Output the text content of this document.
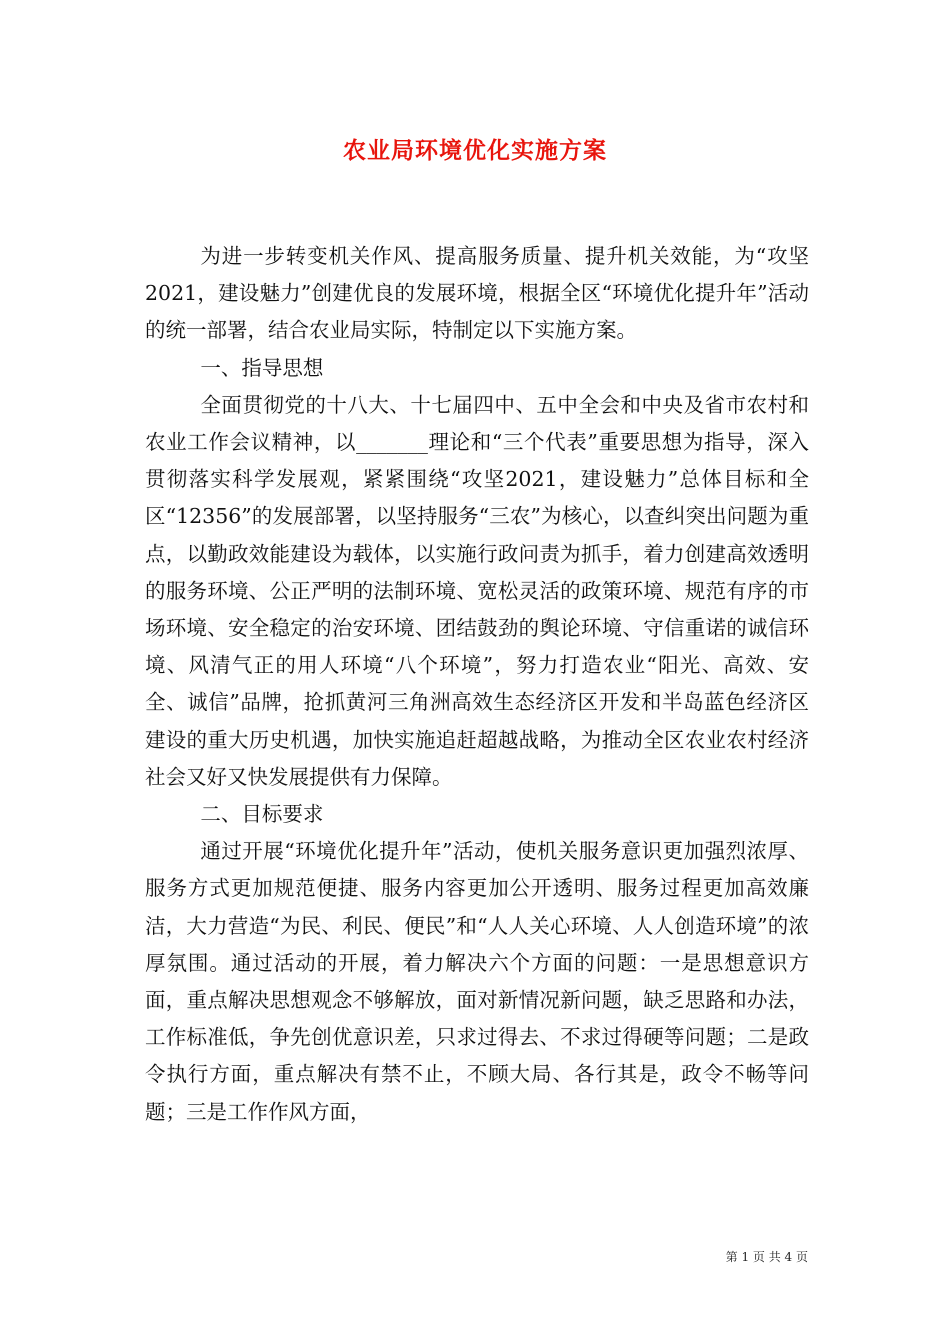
农业局环境优化实施方案

为进一步转变机关作风、提高服务质量、提升机关效能，为“攻坚2021，建设魅力”创建优良的发展环境，根据全区“环境优化提升年”活动的统一部署，结合农业局实际，特制定以下实施方案。

一、指导思想

全面贯彻党的十八大、十七届四中、五中全会和中央及省市农村和农业工作会议精神，以_______理论和“三个代表”重要思想为指导，深入贯彻落实科学发展观，紧紧围绕“攻坚2021，建设魅力”总体目标和全区“12356”的发展部署，以坚持服务“三农”为核心，以查纠突出问题为重点，以勤政效能建设为载体，以实施行政问责为抓手，着力创建高效透明的服务环境、公正严明的法制环境、宽松灵活的政策环境、规范有序的市场环境、安全稳定的治安环境、团结鼓劲的舆论环境、守信重诺的诚信环境、风清气正的用人环境“八个环境”，努力打造农业“阳光、高效、安全、诚信”品牌，抢抓黄河三角洲高效生态经济区开发和半岛蓝色经济区建设的重大历史机遇，加快实施追赶超越战略，为推动全区农业农村经济社会又好又快发展提供有力保障。

二、目标要求

通过开展“环境优化提升年”活动，使机关服务意识更加强烈浓厚、服务方式更加规范便捷、服务内容更加公开透明、服务过程更加高效廉洁，大力营造“为民、利民、便民”和“人人关心环境、人人创造环境”的浓厚氛围。通过活动的开展，着力解决六个方面的问题：一是思想意识方面，重点解决思想观念不够解放，面对新情况新问题，缺乏思路和办法，工作标准低，争先创优意识差，只求过得去、不求过得硬等问题；二是政令执行方面，重点解决有禁不止，不顾大局、各行其是，政令不畅等问题；三是工作作风方面，

第 1 页 共 4 页
